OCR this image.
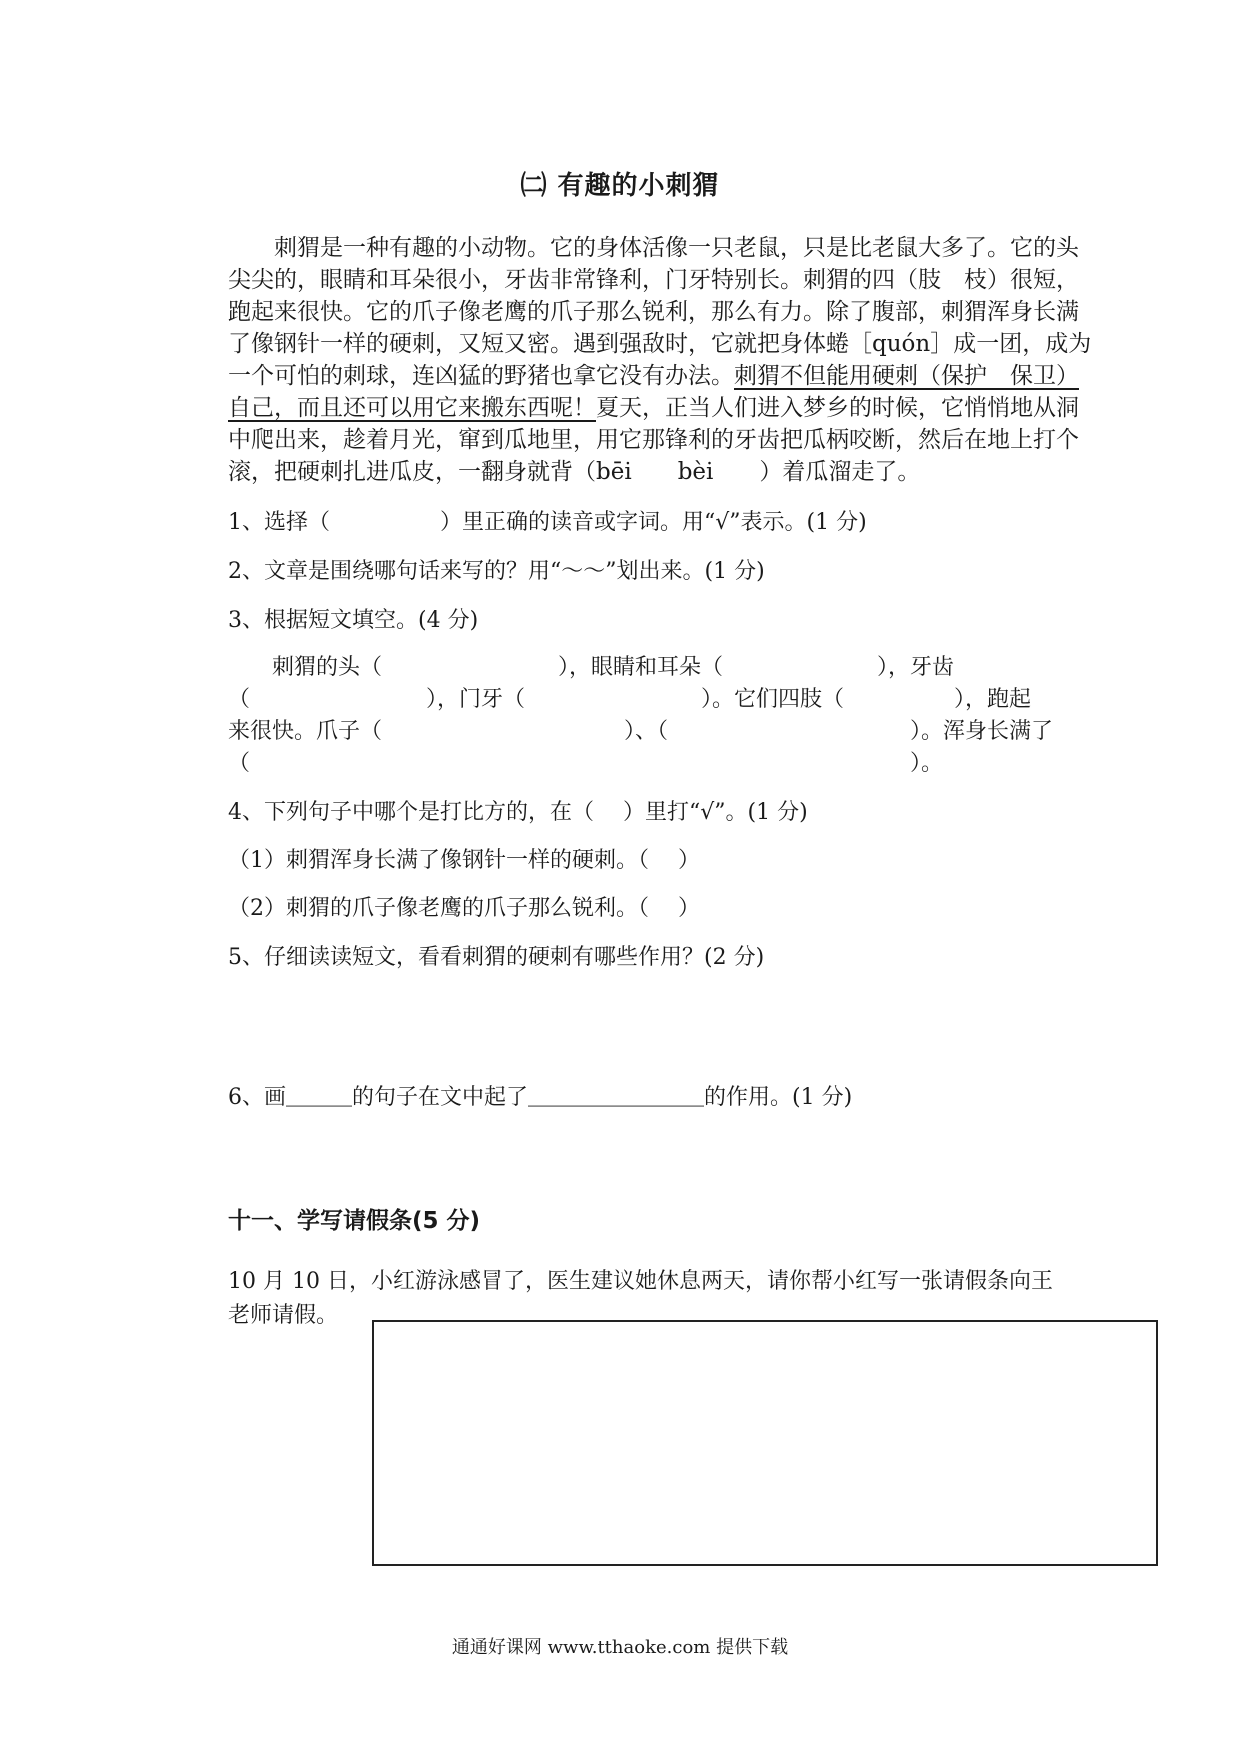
㈡ 有趣的小刺猬
　　刺猬是一种有趣的小动物。它的身体活像一只老鼠，只是比老鼠大多了。它的头
尖尖的，眼睛和耳朵很小，牙齿非常锋利，门牙特别长。刺猬的四（肢　枝）很短，
跑起来很快。它的爪子像老鹰的爪子那么锐利，那么有力。除了腹部，刺猬浑身长满
了像钢针一样的硬刺，又短又密。遇到强敌时，它就把身体蜷［quón］成一团，成为
一个可怕的刺球，连凶猛的野猪也拿它没有办法。刺猬不但能用硬刺（保护　保卫）
自己，而且还可以用它来搬东西呢！夏天，正当人们进入梦乡的时候，它悄悄地从洞
中爬出来，趁着月光，窜到瓜地里，用它那锋利的牙齿把瓜柄咬断，然后在地上打个
滚，把硬刺扎进瓜皮，一翻身就背（bēi　　bèi　　）着瓜溜走了。
1、选择（　　　　　）里正确的读音或字词。用“√”表示。(1 分)
2、文章是围绕哪句话来写的？用“～～”划出来。(1 分)
3、根据短文填空。(4 分)
　　刺猬的头（　　　　　　　　），眼睛和耳朵（　　　　　　　），牙齿
（　　　　　　　　），门牙（　　　　　　　　）。它们四肢（　　　　　），跑起
来很快。爪子（　　　　　　　　　　　）、（　　　　　　　　　　　）。浑身长满了
（　　　　　　　　　　　　　　　　　　　　　　　　　　　　　　）。
4、下列句子中哪个是打比方的，在（　 ）里打“√”。(1 分)
（1）刺猬浑身长满了像钢针一样的硬刺。（　 ）
（2）刺猬的爪子像老鹰的爪子那么锐利。（　 ）
5、仔细读读短文，看看刺猬的硬刺有哪些作用？(2 分)
6、画＿＿＿的句子在文中起了＿＿＿＿＿＿＿＿的作用。(1 分)
十一、学写请假条(5 分)
10 月 10 日，小红游泳感冒了，医生建议她休息两天，请你帮小红写一张请假条向王
老师请假。
通通好课网 www.tthaoke.com 提供下载
